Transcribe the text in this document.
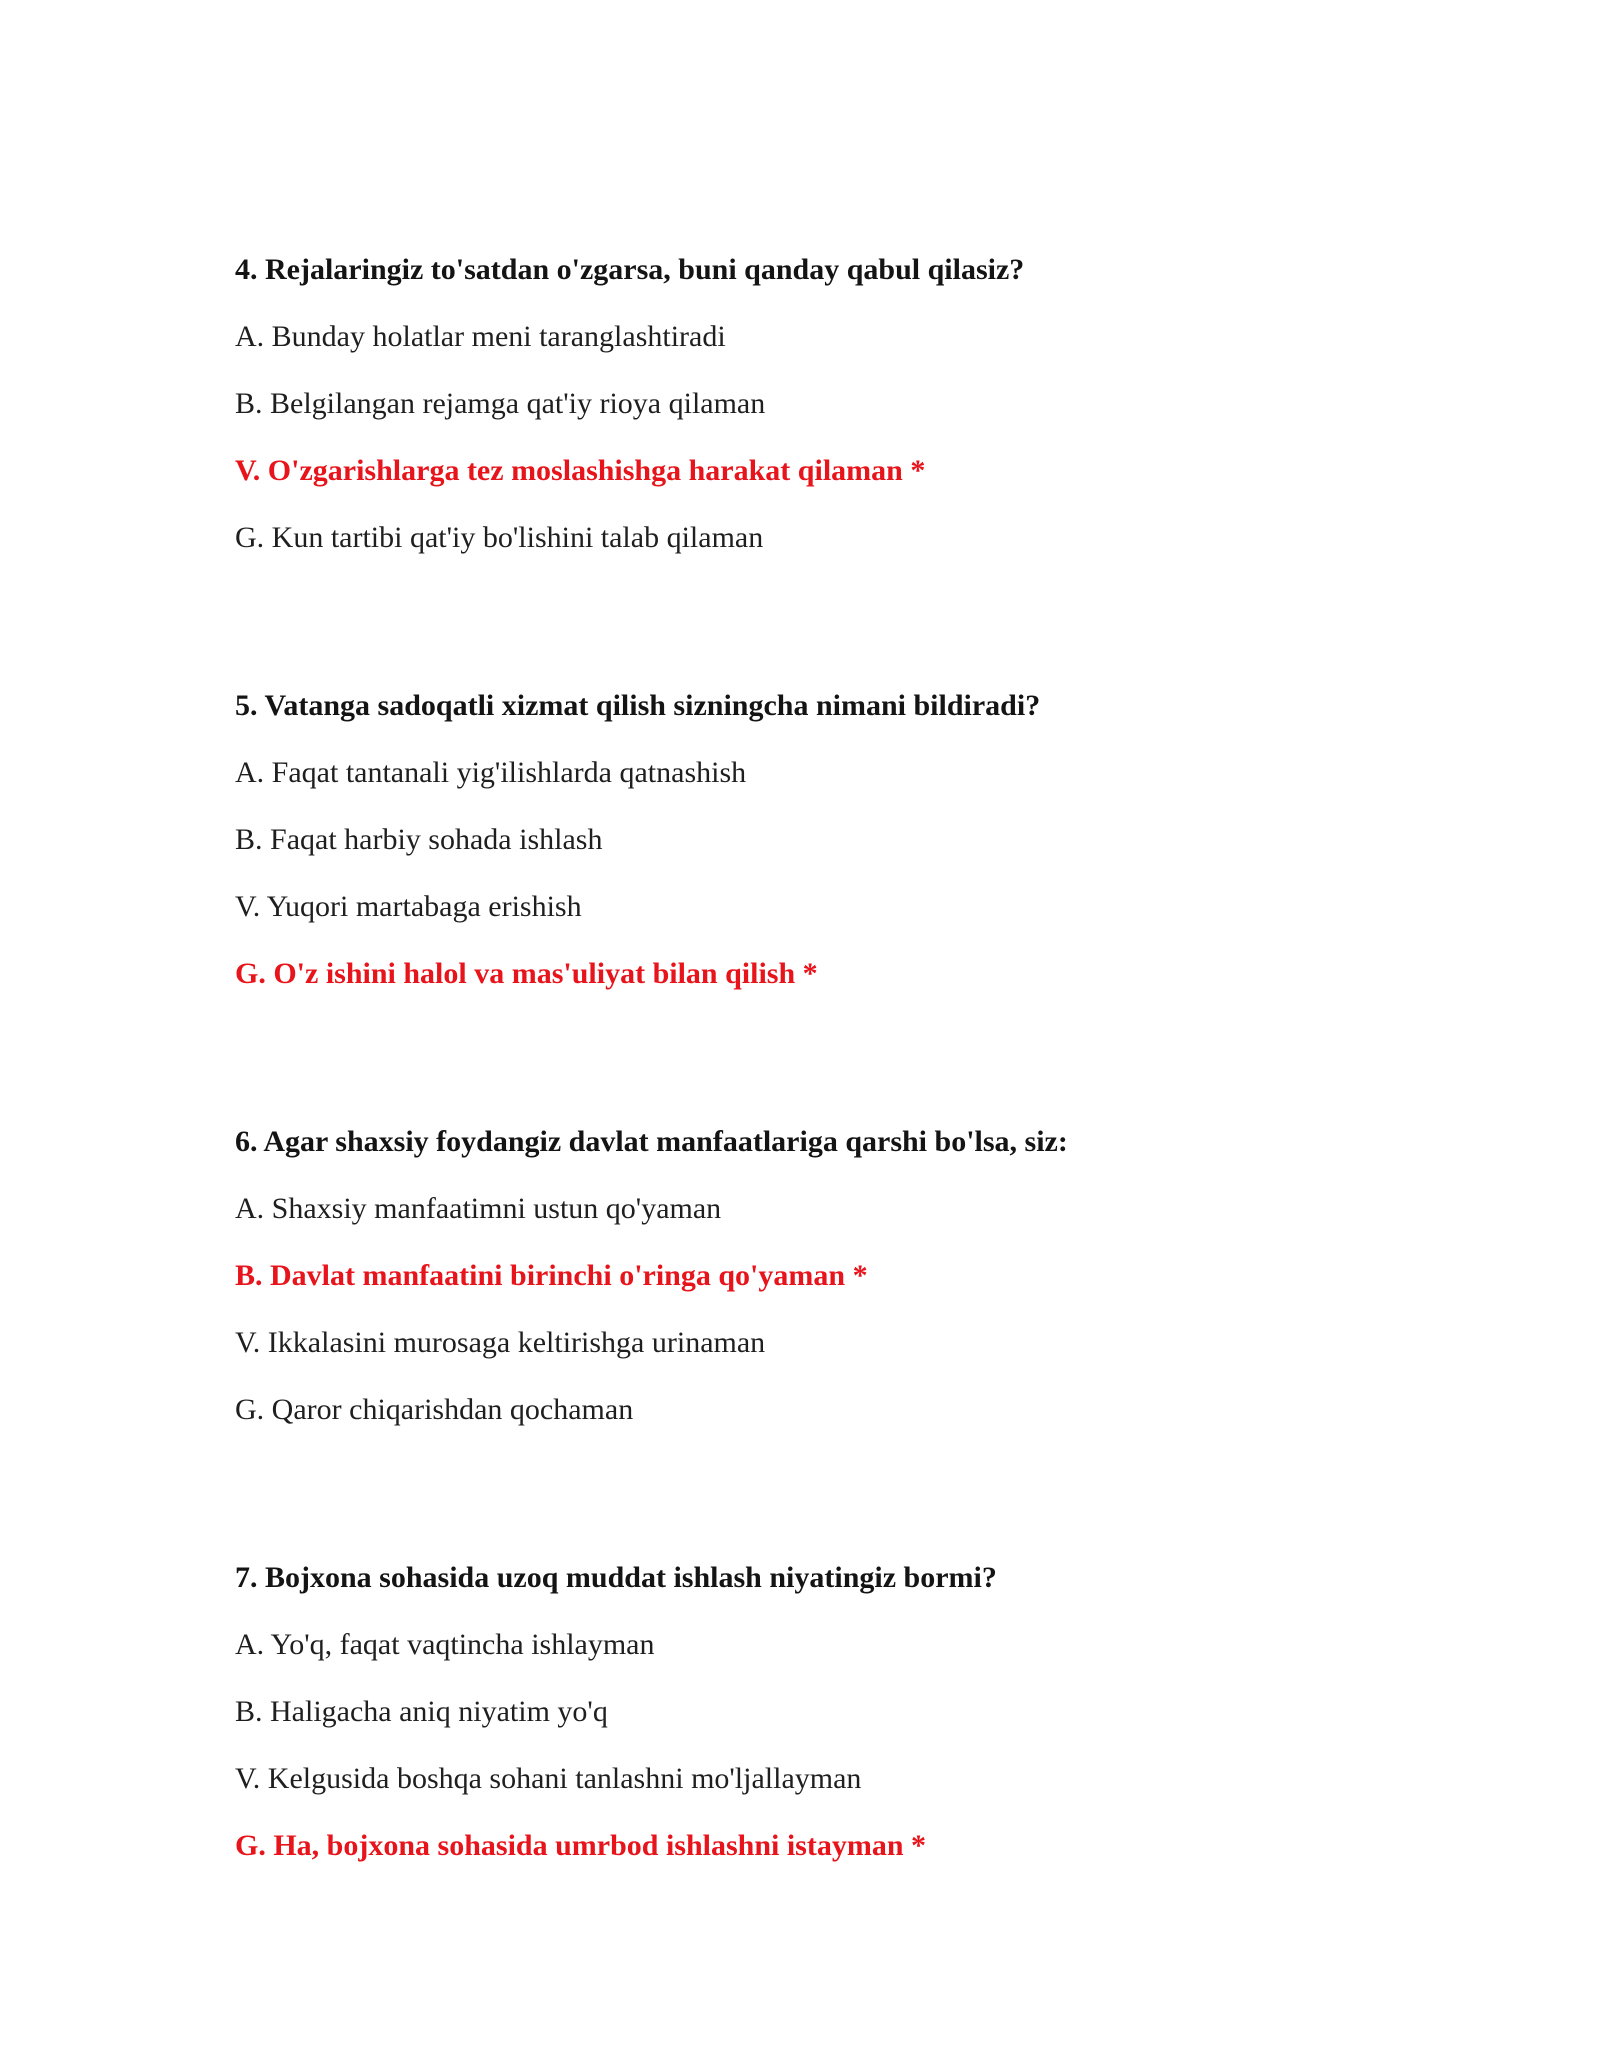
4. Rejalaringiz to'satdan o'zgarsa, buni qanday qabul qilasiz?
A. Bunday holatlar meni taranglashtiradi
B. Belgilangan rejamga qat'iy rioya qilaman
V. O'zgarishlarga tez moslashishga harakat qilaman *
G. Kun tartibi qat'iy bo'lishini talab qilaman
5. Vatanga sadoqatli xizmat qilish sizningcha nimani bildiradi?
A. Faqat tantanali yig'ilishlarda qatnashish
B. Faqat harbiy sohada ishlash
V. Yuqori martabaga erishish
G. O'z ishini halol va mas'uliyat bilan qilish *
6. Agar shaxsiy foydangiz davlat manfaatlariga qarshi bo'lsa, siz:
A. Shaxsiy manfaatimni ustun qo'yaman
B. Davlat manfaatini birinchi o'ringa qo'yaman *
V. Ikkalasini murosaga keltirishga urinaman
G. Qaror chiqarishdan qochaman
7. Bojxona sohasida uzoq muddat ishlash niyatingiz bormi?
A. Yo'q, faqat vaqtincha ishlayman
B. Haligacha aniq niyatim yo'q
V. Kelgusida boshqa sohani tanlashni mo'ljallayman
G. Ha, bojxona sohasida umrbod ishlashni istayman *
